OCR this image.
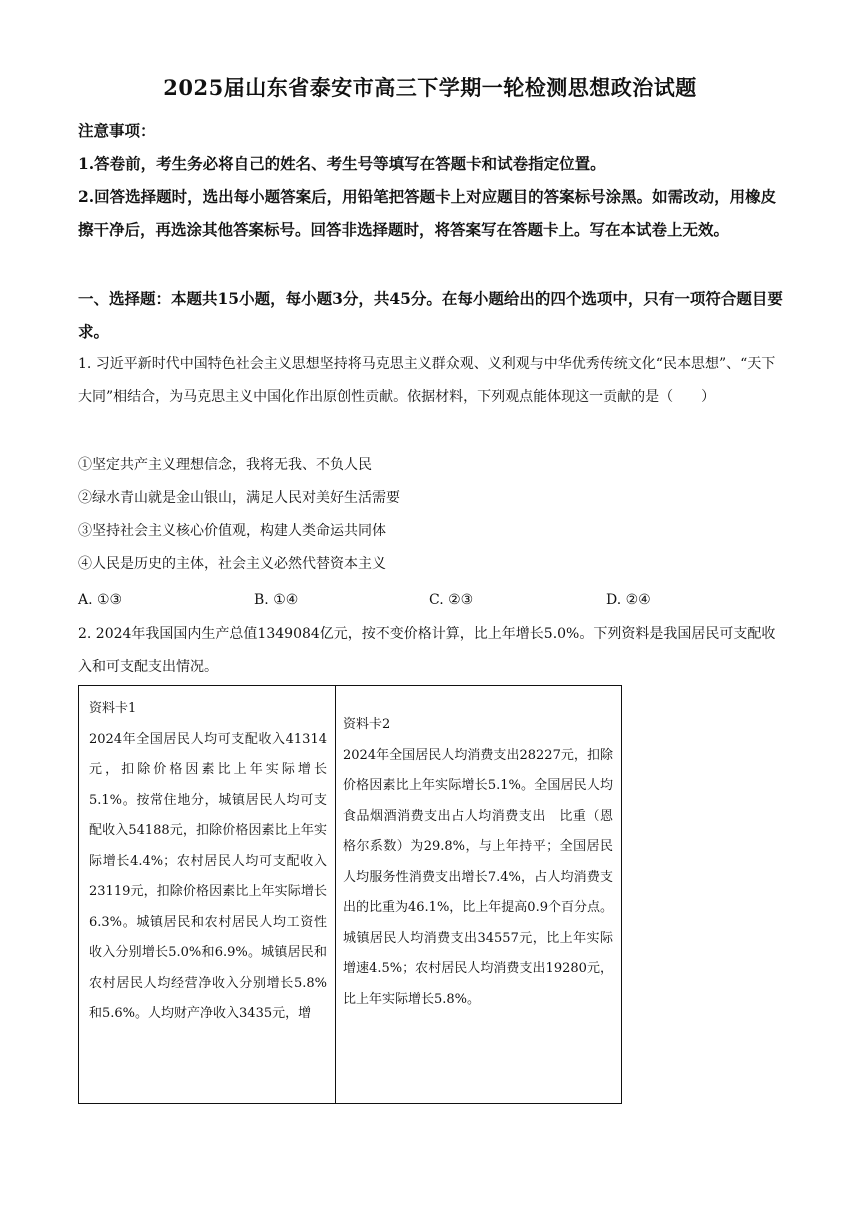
2025届山东省泰安市高三下学期一轮检测思想政治试题
注意事项：
1.答卷前，考生务必将自己的姓名、考生号等填写在答题卡和试卷指定位置。
2.回答选择题时，选出每小题答案后，用铅笔把答题卡上对应题目的答案标号涂黑。如需改动，用橡皮擦干净后，再选涂其他答案标号。回答非选择题时，将答案写在答题卡上。写在本试卷上无效。
一、选择题：本题共15小题，每小题3分，共45分。在每小题给出的四个选项中，只有一项符合题目要求。
1. 习近平新时代中国特色社会主义思想坚持将马克思主义群众观、义利观与中华优秀传统文化“民本思想”、“天下大同”相结合，为马克思主义中国化作出原创性贡献。依据材料，下列观点能体现这一贡献的是（　　）
①坚定共产主义理想信念，我将无我、不负人民
②绿水青山就是金山银山，满足人民对美好生活需要
③坚持社会主义核心价值观，构建人类命运共同体
④人民是历史的主体，社会主义必然代替资本主义
A. ①③	B. ①④	C. ②③	D. ②④
2. 2024年我国国内生产总值1349084亿元，按不变价格计算，比上年增长5.0%。下列资料是我国居民可支配收入和可支配支出情况。
资料卡1
2024年全国居民人均可支配收入41314元，扣除价格因素比上年实际增长5.1%。按常住地分，城镇居民人均可支配收入54188元，扣除价格因素比上年实际增长4.4%；农村居民人均可支配收入23119元，扣除价格因素比上年实际增长6.3%。城镇居民和农村居民人均工资性收入分别增长5.0%和6.9%。城镇居民和农村居民人均经营净收入分别增长5.8%和5.6%。人均财产净收入3435元，增
资料卡2
2024年全国居民人均消费支出28227元，扣除价格因素比上年实际增长5.1%。全国居民人均食品烟酒消费支出占人均消费支出　比重（恩格尔系数）为29.8%，与上年持平；全国居民人均服务性消费支出增长7.4%，占人均消费支出的比重为46.1%，比上年提高0.9个百分点。城镇居民人均消费支出34557元，比上年实际增速4.5%；农村居民人均消费支出19280元，比上年实际增长5.8%。
